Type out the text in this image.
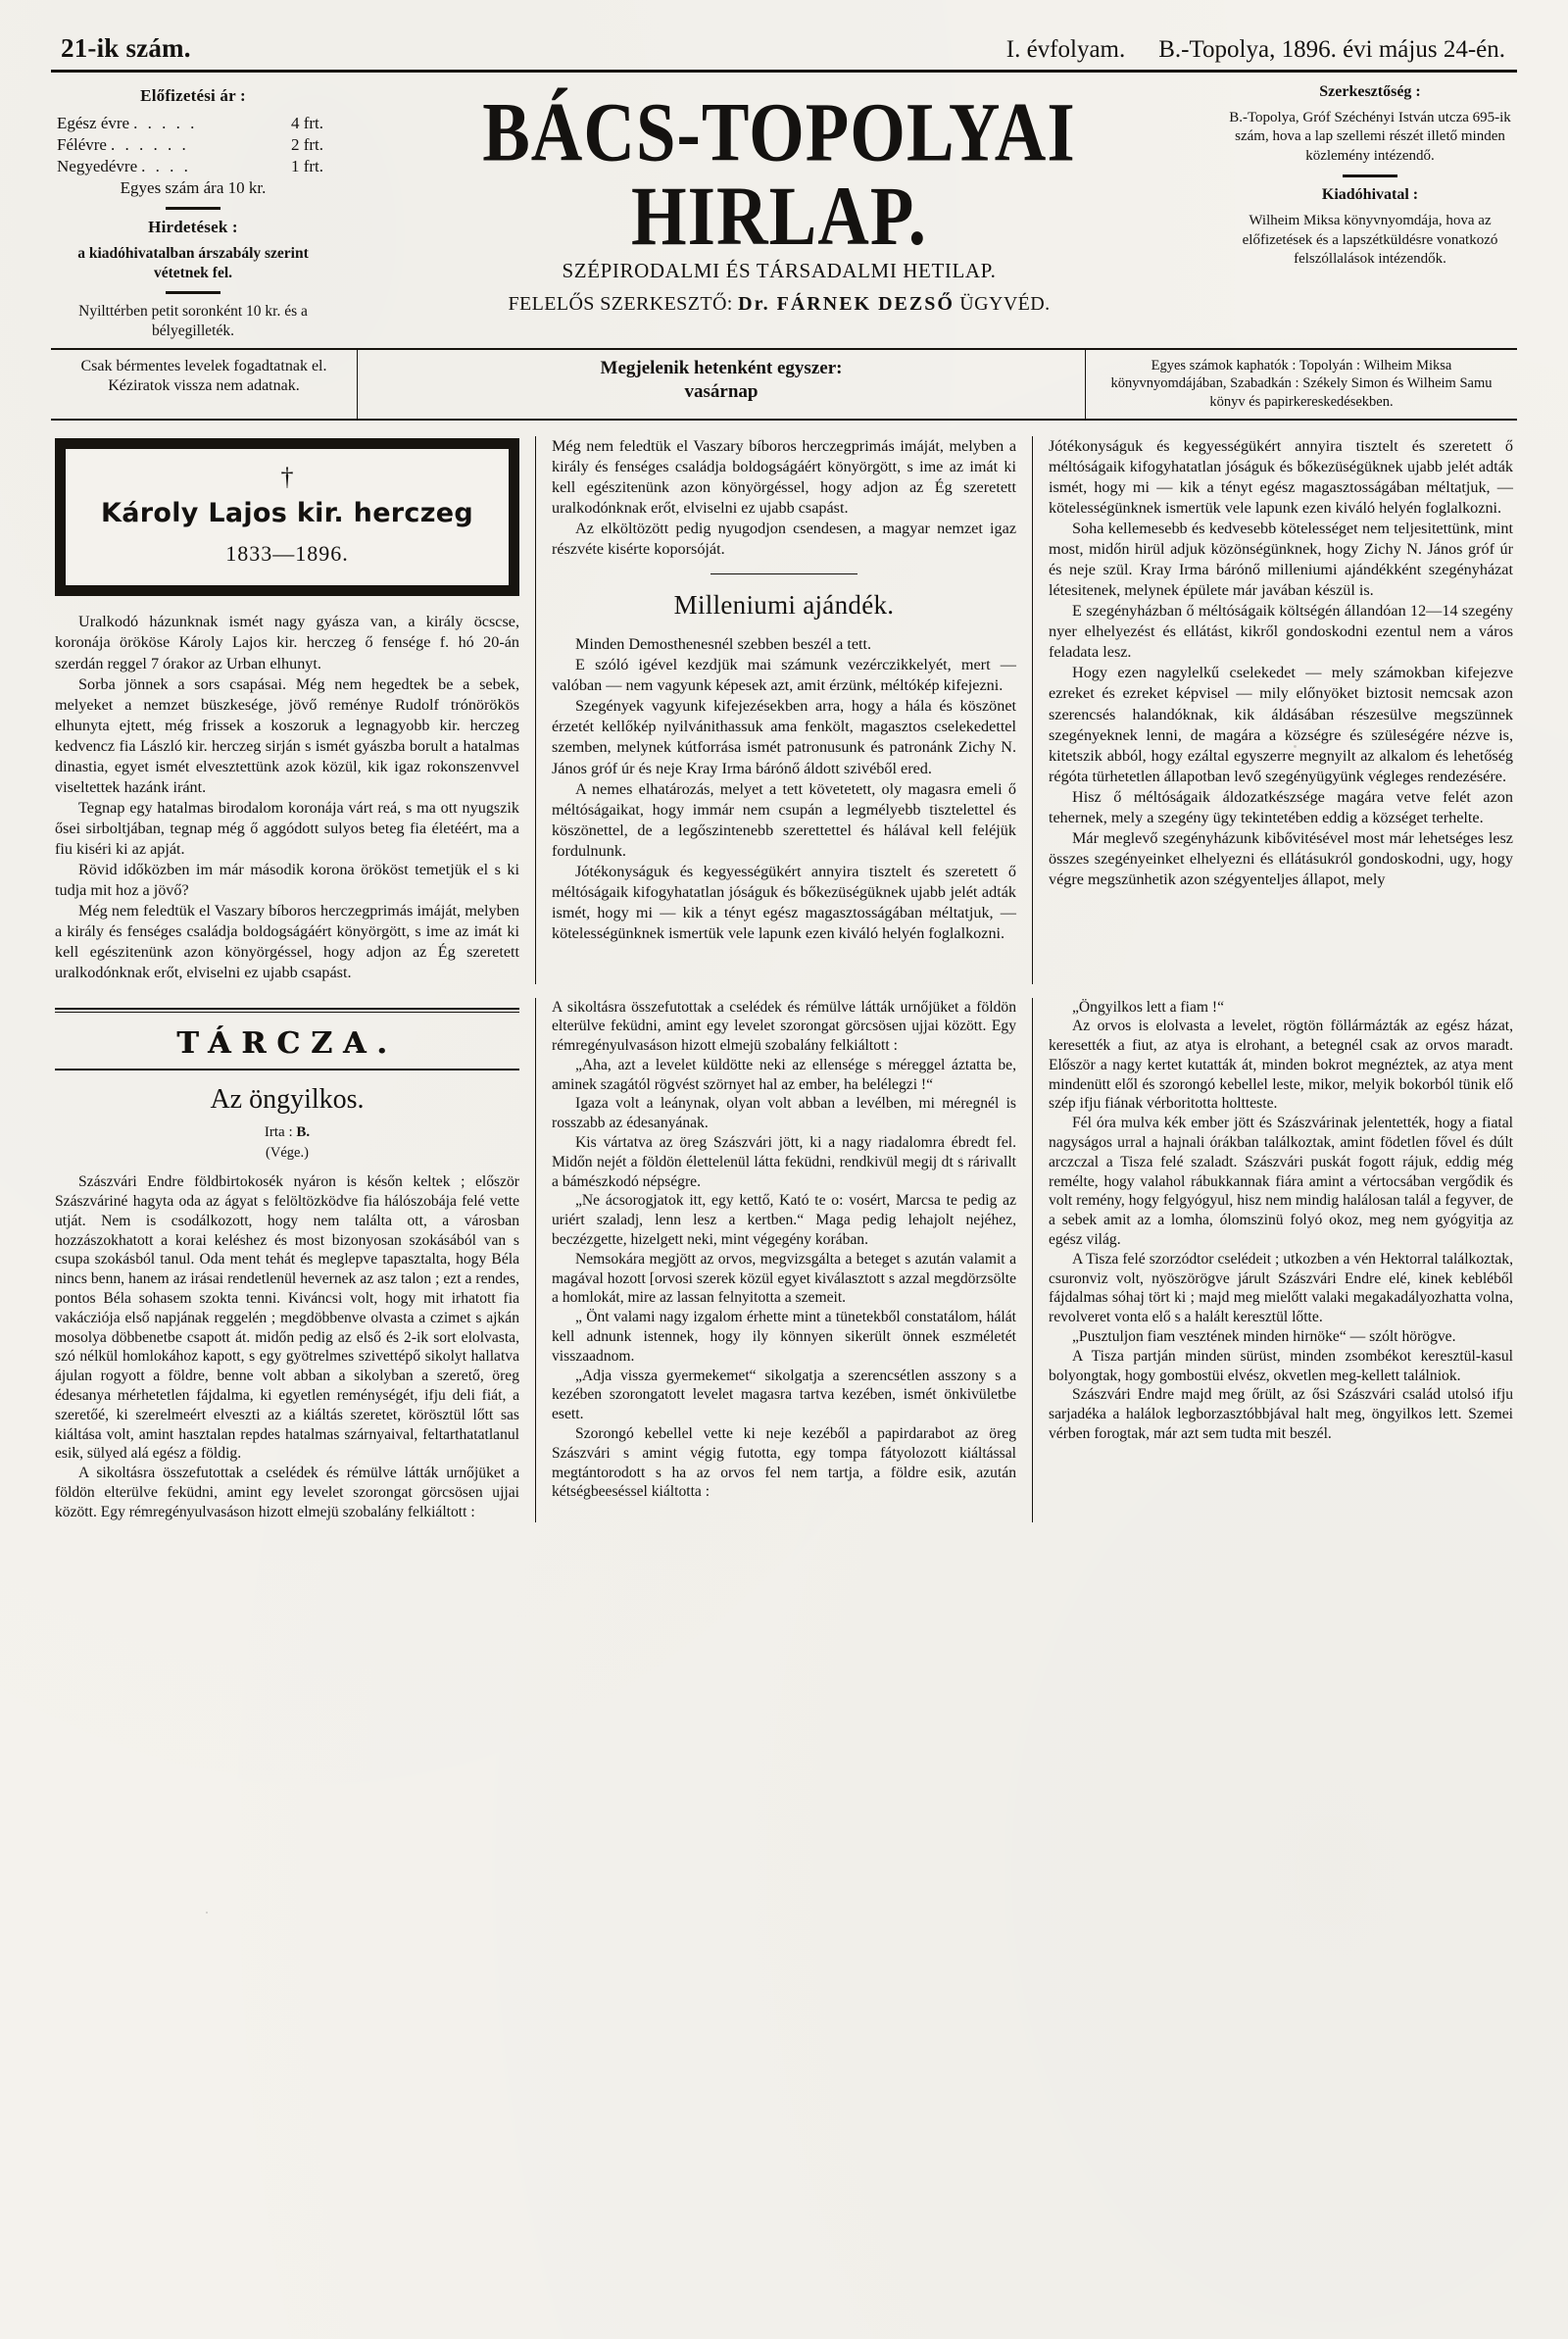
21-ik szám.	I. évfolyam. B.-Topolya, 1896. évi május 24-én.
Előfizetési ár :
Egész évre . . . . .	4 frt.
Félévre . . . . . .	2 frt.
Negyedévre . . . .	1 frt.
Egyes szám ára 10 kr.
Hirdetések :
a kiadóhivatalban árszabály szerint vétetnek fel.
Nyilttérben petit soronként 10 kr. és a bélyegilleték.
BÁCS-TOPOLYAI HIRLAP.
SZÉPIRODALMI ÉS TÁRSADALMI HETILAP.
FELELŐS SZERKESZTŐ: Dr. FÁRNEK DEZSŐ ÜGYVÉD.
Szerkesztőség :
B.-Topolya, Gróf Széchényi István utcza 695-ik szám, hova a lap szellemi részét illető minden közlemény intézendő.
Kiadóhivatal :
Wilheim Miksa könyvnyomdája, hova az előfizetések és a lapszétküldésre vonatkozó felszóllalások intézendők.
Csak bérmentes levelek fogadtatnak el. Kéziratok vissza nem adatnak.
Megjelenik hetenként egyszer:
vasárnap
Egyes számok kaphatók : Topolyán : Wilheim Miksa könyvnyomdájában, Szabadkán : Székely Simon és Wilheim Samu könyv és papirkereskedésekben.
†
Károly Lajos kir. herczeg
1833—1896.

Uralkodó házunknak ismét nagy gyásza van, a király öcscse, koronája örököse Károly Lajos kir. herczeg ő fensége f. hó 20-án szerdán reggel 7 órakor az Urban elhunyt.

Sorba jönnek a sors csapásai. Még nem hegedtek be a sebek, melyeket a nemzet büszkesége, jövő reménye Rudolf trónörökös elhunyta ejtett, még frissek a koszoruk a legnagyobb kir. herczeg kedvencz fia László kir. herczeg sirján s ismét gyászba borult a hatalmas dinastia, egyet ismét elvesztettünk azok közül, kik igaz rokonszenvvel viseltettek hazánk iránt.

Tegnap egy hatalmas birodalom koronája várt reá, s ma ott nyugszik ősei sirboltjában, tegnap még ő aggódott sulyos beteg fia életéért, ma a fiu kiséri ki az apját.

Rövid időközben im már második korona örököst temetjük el s ki tudja mit hoz a jövő?

Még nem feledtük el Vaszary bíboros herczegprimás imáját, melyben a király és fenséges családja boldogságáért könyörgött, s ime az imát ki kell egészitenünk azon könyörgéssel, hogy adjon az Ég szeretett uralkodónknak erőt, elviselni ez ujabb csapást.

Még nem feledtük el Vaszary bíboros herczegprimás imáját, melyben a király és fenséges családja boldogságáért könyörgött, s ime az imát ki kell egészitenünk azon könyörgéssel, hogy adjon az Ég szeretett uralkodónknak erőt, elviselni ez ujabb csapást.

Az elköltözött pedig nyugodjon csendesen, a magyar nemzet igaz részvéte kisérte koporsóját.

Milleniumi ajándék.

Minden Demosthenesnél szebben beszél a tett.

E szóló igével kezdjük mai számunk vezérczikkelyét, mert — valóban — nem vagyunk képesek azt, amit érzünk, méltókép kifejezni.

Szegények vagyunk kifejezésekben arra, hogy a hála és köszönet érzetét kellőkép nyilvánithassuk ama fenkölt, magasztos cselekedettel szemben, melynek kútforrása ismét patronusunk és patronánk Zichy N. János gróf úr és neje Kray Irma bárónő áldott szivéből ered.

A nemes elhatározás, melyet a tett követetett, oly magasra emeli ő méltóságaikat, hogy immár nem csupán a legmélyebb tisztelettel és köszönettel, de a legőszintenebb szerettettel és hálával kell feléjük fordulnunk.

Jótékonyságuk és kegyességükért annyira tisztelt és szeretett ő méltóságaik kifogyhatatlan jóságuk és bőkezüségüknek ujabb jelét adták ismét, hogy mi — kik a tényt egész magasztosságában méltatjuk, — kötelességünknek ismertük vele lapunk ezen kiváló helyén foglalkozni.

Jótékonyságuk és kegyességükért annyira tisztelt és szeretett ő méltóságaik kifogyhatatlan jóságuk és bőkezüségüknek ujabb jelét adták ismét, hogy mi — kik a tényt egész magasztosságában méltatjuk, — kötelességünknek ismertük vele lapunk ezen kiváló helyén foglalkozni.

Soha kellemesebb és kedvesebb kötelességet nem teljesitettünk, mint most, midőn hirül adjuk közönségünknek, hogy Zichy N. János gróf úr és neje szül. Kray Irma bárónő milleniumi ajándékként szegényházat létesitenek, melynek épülete már javában készül is.

E szegényházban ő méltóságaik költségén állandóan 12—14 szegény nyer elhelyezést és ellátást, kikről gondoskodni ezentul nem a város feladata lesz.

Hogy ezen nagylelkű cselekedet — mely számokban kifejezve ezreket és ezreket képvisel — mily előnyöket biztosit nemcsak azon szerencsés halandóknak, kik áldásában részesülve megszünnek szegényeknek lenni, de magára a községre és szüleségére nézve is, kitetszik abból, hogy ezáltal egyszerre megnyilt az alkalom és lehetőség régóta türhetetlen állapotban levő szegényügyünk végleges rendezésére.

Hisz ő méltóságaik áldozatkészsége magára vetve felét azon tehernek, mely a szegény ügy tekintetében eddig a községet terhelte.

Már meglevő szegényházunk kibővitésével most már lehetséges lesz összes szegényeinket elhelyezni és ellátásukról gondoskodni, ugy, hogy végre megszünhetik azon szégyenteljes állapot, mely

TÁRCZA.
Az öngyilkos.
Irta : B.
(Vége.)

Szászvári Endre földbirtokosék nyáron is későn keltek ; először Szászváriné hagyta oda az ágyat s felöltözködve fia hálószobája felé vette utját. Nem is csodálkozott, hogy nem találta ott, a városban hozzászokhatott a korai keléshez és most bizonyosan szokásából van s csupa szokásból tanul. Oda ment tehát és meglepve tapasztalta, hogy Béla nincs benn, hanem az irásai rendetlenül hevernek az asz talon ; ezt a rendes, pontos Béla sohasem szokta tenni. Kiváncsi volt, hogy mit irhatott fia vakácziója első napjának reggelén ; megdöbbenve olvasta a czimet s ajkán mosolya döbbenetbe csapott át. midőn pedig az első és 2-ik sort elolvasta, szó nélkül homlokához kapott, s egy gyötrelmes szivettépő sikolyt hallatva ájulan rogyott a földre, benne volt abban a sikolyban a szerető, öreg édesanya mérhetetlen fájdalma, ki egyetlen reménységét, ifju deli fiát, a szeretőé, ki szerelmeért elveszti az a kiáltás szeretet, körösztül lőtt sas kiáltása volt, amint hasztalan repdes hatalmas szárnyaival, feltarthatatlanul esik, sülyed alá egész a földig.

A sikoltásra összefutottak a cselédek és rémülve látták urnőjüket a földön elterülve feküdni, amint egy levelet szorongat görcsösen ujjai között. Egy rémregényulvasáson hizott elmejü szobalány felkiáltott :

A sikoltásra összefutottak a cselédek és rémülve látták urnőjüket a földön elterülve feküdni, amint egy levelet szorongat görcsösen ujjai között. Egy rémregényulvasáson hizott elmejü szobalány felkiáltott :

„Aha, azt a levelet küldötte neki az ellensége s méreggel áztatta be, aminek szagától rögvést szörnyet hal az ember, ha belélegzi !“

Igaza volt a leánynak, olyan volt abban a levélben, mi méregnél is rosszabb az édesanyának.

Kis vártatva az öreg Szászvári jött, ki a nagy riadalomra ébredt fel. Midőn nejét a földön élettelenül látta feküdni, rendkivül megij dt s rárivallt a bámészkodó népségre.

„Ne ácsorogjatok itt, egy kettő, Kató te o: vosért, Marcsa te pedig az uriért szaladj, lenn lesz a kertben.“ Maga pedig lehajolt nejéhez, beczézgette, hizelgett neki, mint végegény korában.

Nemsokára megjött az orvos, megvizsgálta a beteget s azután valamit a magával hozott [orvosi szerek közül egyet kiválasztott s azzal megdörzsölte a homlokát, mire az lassan felnyitotta a szemeit.

„ Önt valami nagy izgalom érhette mint a tünetekből constatálom, hálát kell adnunk istennek, hogy ily könnyen sikerült önnek eszméletét visszaadnom.

„Adja vissza gyermekemet“ sikolgatja a szerencsétlen asszony s a kezében szorongatott levelet magasra tartva kezében, ismét önkivületbe esett.

Szorongó kebellel vette ki neje kezéből a papirdarabot az öreg Szászvári s amint végig futotta, egy tompa fátyolozott kiáltással megtántorodott s ha az orvos fel nem tartja, a földre esik, azután kétségbeeséssel kiáltotta :

„Öngyilkos lett a fiam !“

Az orvos is elolvasta a levelet, rögtön föllármázták az egész házat, keresették a fiut, az atya is elrohant, a betegnél csak az orvos maradt. Először a nagy kertet kutatták át, minden bokrot megnéztek, az atya ment mindenütt elől és szorongó kebellel leste, mikor, melyik bokorból tünik elő szép ifju fiának vérboritotta holtteste.

Fél óra mulva kék ember jött és Szászvárinak jelentették, hogy a fiatal nagyságos urral a hajnali órákban találkoztak, amint födetlen fővel és dúlt arczczal a Tisza felé szaladt. Szászvári puskát fogott rájuk, eddig még remélte, hogy valahol rábukkannak fiára amint a vértocsában vergődik és volt remény, hogy felgyógyul, hisz nem mindig halálosan talál a fegyver, de a sebek amit az a lomha, ólomszinü folyó okoz, meg nem gyógyitja az egész világ.

A Tisza felé szorzódtor cselédeit ; utkozben a vén Hektorral találkoztak, csuronviz volt, nyöszörögve járult Szászvári Endre elé, kinek kebléből fájdalmas sóhaj tört ki ; majd meg mielőtt valaki megakadályozhatta volna, revolveret vonta elő s a halált keresztül lőtte.

„Pusztuljon fiam vesztének minden hirnöke“ — szólt hörögve.

A Tisza partján minden sürüst, minden zsombékot keresztül-kasul bolyongtak, hogy gombostüi elvész, okvetlen meg-kellett találniok.

Szászvári Endre majd meg őrült, az ősi Szászvári család utolsó ifju sarjadéka a halálok legborzasztóbbjával halt meg, öngyilkos lett. Szemei vérben forogtak, már azt sem tudta mit beszél.
